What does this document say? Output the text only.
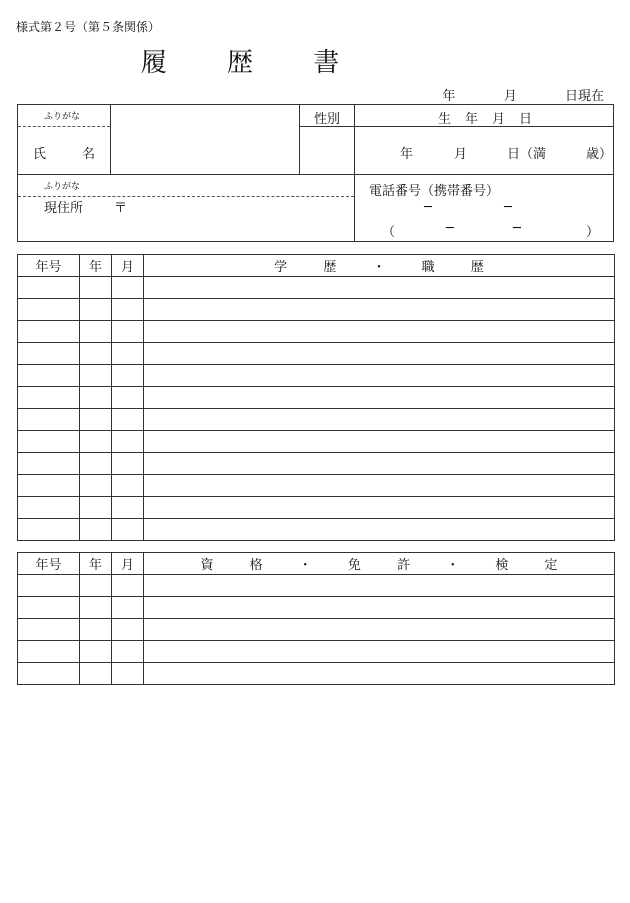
様式第２号（第５条関係）
履 歴 書
年	月	日現在
ふりがな
氏	名
性別	生 年 月 日
年	月	日（満	歳）
ふりがな
現住所 〒
電話番号（携帯番号）
─	─
（	─	─	）
年号	年	月	学 歴 ・ 職 歴

年号	年	月	資 格 ・ 免 許 ・ 検 定
